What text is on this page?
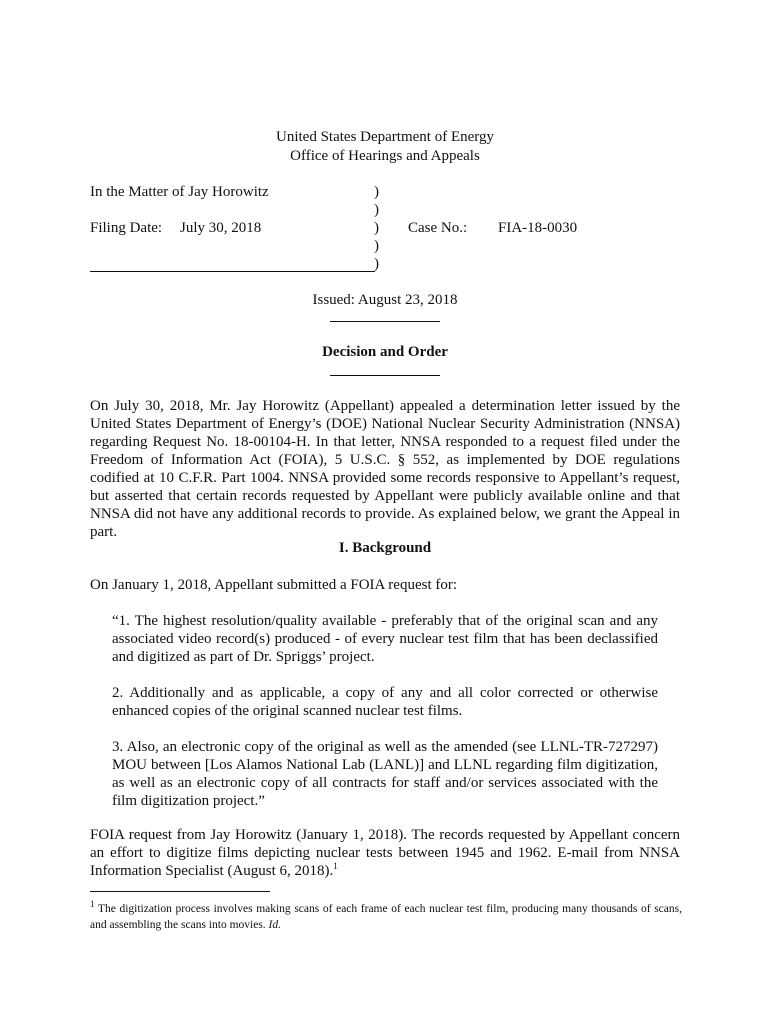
United States Department of Energy
Office of Hearings and Appeals
In the Matter of Jay Horowitz
Filing Date: July 30, 2018	Case No.: FIA-18-0030
)
)
)
)
)
Issued: August 23, 2018
Decision and Order
On July 30, 2018, Mr. Jay Horowitz (Appellant) appealed a determination letter issued by the United States Department of Energy’s (DOE) National Nuclear Security Administration (NNSA) regarding Request No. 18-00104-H. In that letter, NNSA responded to a request filed under the Freedom of Information Act (FOIA), 5 U.S.C. § 552, as implemented by DOE regulations codified at 10 C.F.R. Part 1004. NNSA provided some records responsive to Appellant’s request, but asserted that certain records requested by Appellant were publicly available online and that NNSA did not have any additional records to provide. As explained below, we grant the Appeal in part.
I. Background
On January 1, 2018, Appellant submitted a FOIA request for:
“1. The highest resolution/quality available - preferably that of the original scan and any associated video record(s) produced - of every nuclear test film that has been declassified and digitized as part of Dr. Spriggs’ project.
2. Additionally and as applicable, a copy of any and all color corrected or otherwise enhanced copies of the original scanned nuclear test films.
3. Also, an electronic copy of the original as well as the amended (see LLNL-TR-727297) MOU between [Los Alamos National Lab (LANL)] and LLNL regarding film digitization, as well as an electronic copy of all contracts for staff and/or services associated with the film digitization project.”
FOIA request from Jay Horowitz (January 1, 2018). The records requested by Appellant concern an effort to digitize films depicting nuclear tests between 1945 and 1962. E-mail from NNSA Information Specialist (August 6, 2018).$^1$
$^1$ The digitization process involves making scans of each frame of each nuclear test film, producing many thousands of scans, and assembling the scans into movies. Id.
